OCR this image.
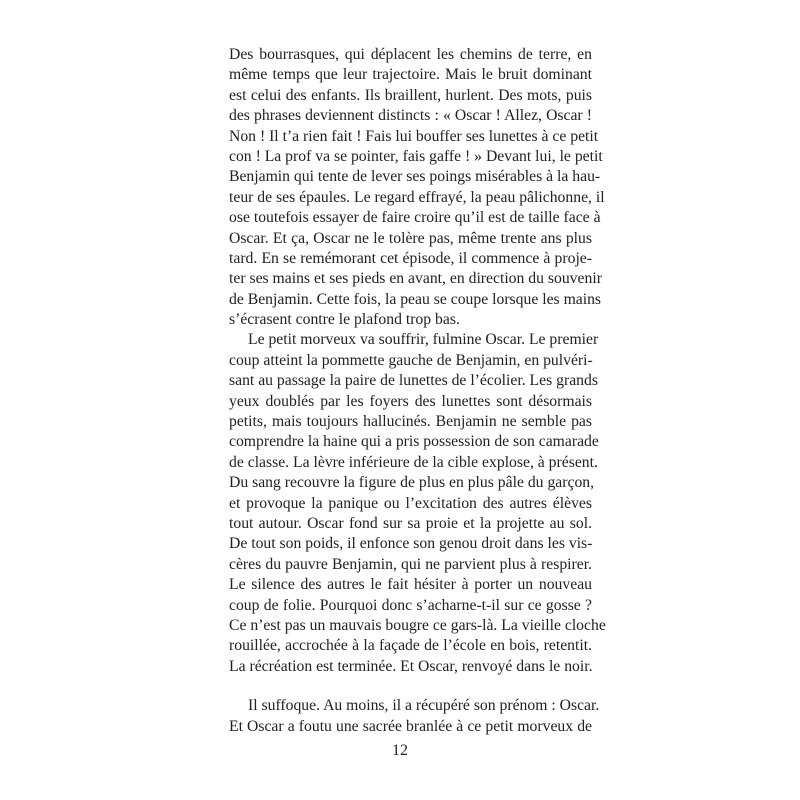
Des bourrasques, qui déplacent les chemins de terre, en
même temps que leur trajectoire. Mais le bruit dominant
est celui des enfants. Ils braillent, hurlent. Des mots, puis
des phrases deviennent distincts : « Oscar ! Allez, Oscar !
Non ! Il t’a rien fait ! Fais lui bouffer ses lunettes à ce petit
con ! La prof va se pointer, fais gaffe ! » Devant lui, le petit
Benjamin qui tente de lever ses poings misérables à la hau-
teur de ses épaules. Le regard effrayé, la peau pâlichonne, il
ose toutefois essayer de faire croire qu’il est de taille face à
Oscar. Et ça, Oscar ne le tolère pas, même trente ans plus
tard. En se remémorant cet épisode, il commence à proje-
ter ses mains et ses pieds en avant, en direction du souvenir
de Benjamin. Cette fois, la peau se coupe lorsque les mains
s’écrasent contre le plafond trop bas.
Le petit morveux va souffrir, fulmine Oscar. Le premier
coup atteint la pommette gauche de Benjamin, en pulvéri-
sant au passage la paire de lunettes de l’écolier. Les grands
yeux doublés par les foyers des lunettes sont désormais
petits, mais toujours hallucinés. Benjamin ne semble pas
comprendre la haine qui a pris possession de son camarade
de classe. La lèvre inférieure de la cible explose, à présent.
Du sang recouvre la figure de plus en plus pâle du garçon,
et provoque la panique ou l’excitation des autres élèves
tout autour. Oscar fond sur sa proie et la projette au sol.
De tout son poids, il enfonce son genou droit dans les vis-
cères du pauvre Benjamin, qui ne parvient plus à respirer.
Le silence des autres le fait hésiter à porter un nouveau
coup de folie. Pourquoi donc s’acharne-t-il sur ce gosse ?
Ce n’est pas un mauvais bougre ce gars-là. La vieille cloche
rouillée, accrochée à la façade de l’école en bois, retentit.
La récréation est terminée. Et Oscar, renvoyé dans le noir.
Il suffoque. Au moins, il a récupéré son prénom : Oscar.
Et Oscar a foutu une sacrée branlée à ce petit morveux de
12
